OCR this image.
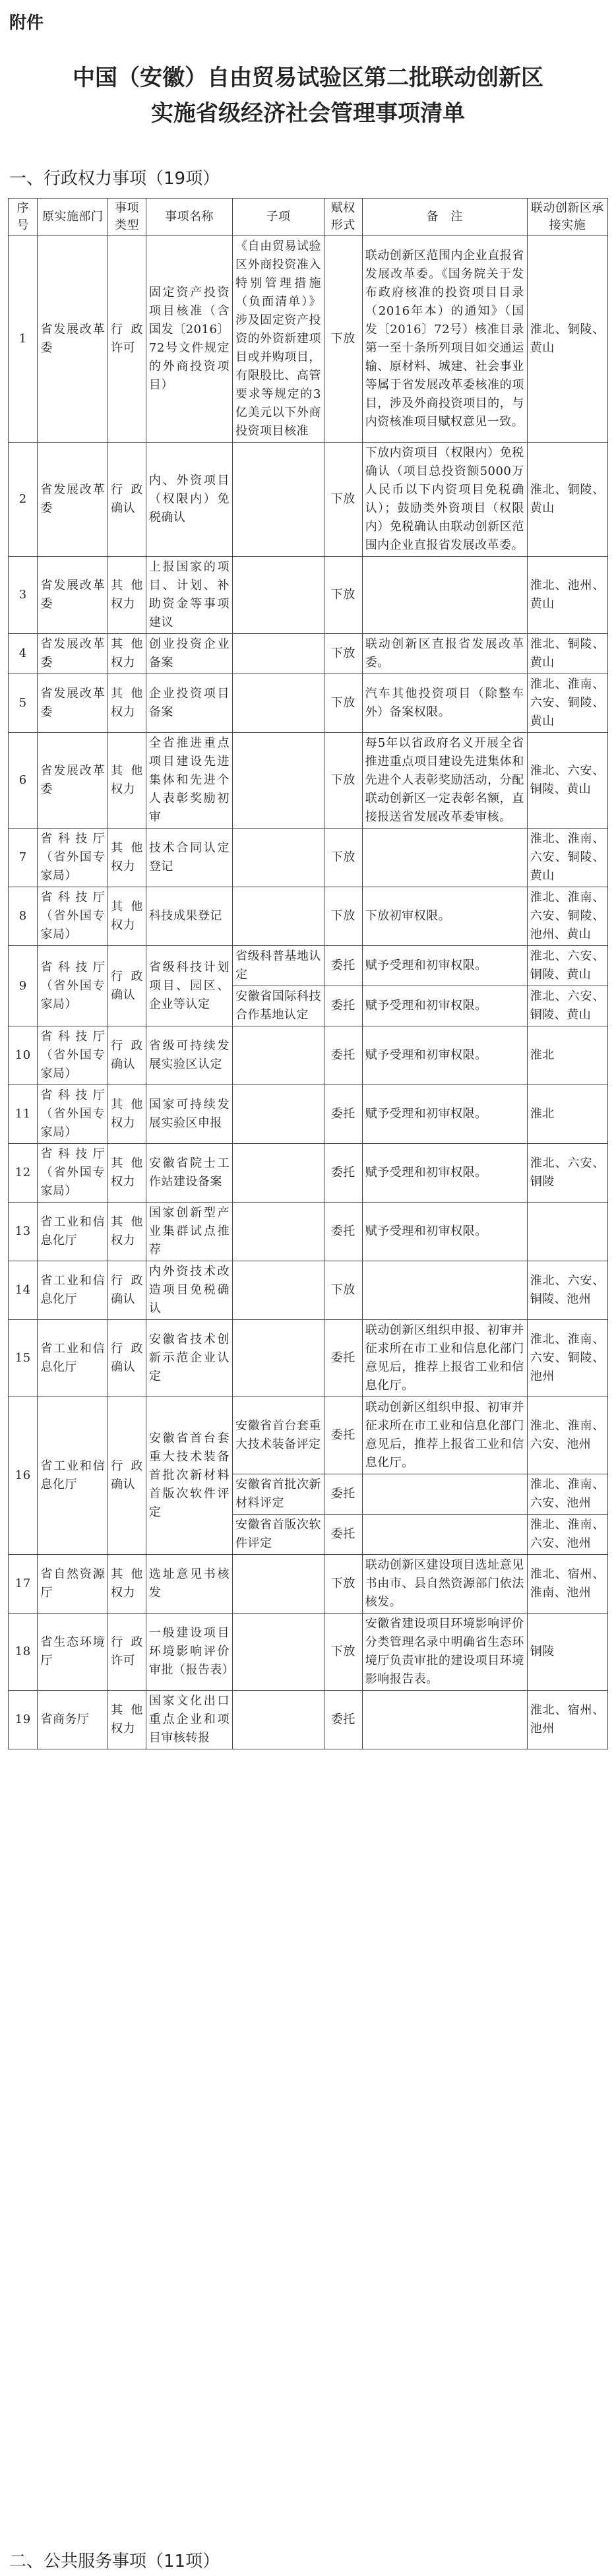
附件
中国（安徽）自由贸易试验区第二批联动创新区
实施省级经济社会管理事项清单
一、行政权力事项（19项）
序号	原实施部门	事项类型	事项名称	子项	赋权形式	备　注	联动创新区承接实施
1	省发展改革委	行政许可	固定资产投资项目核准（含国发〔2016〕72号文件规定的外商投资项目）	《自由贸易试验区外商投资准入特别管理措施（负面清单）》涉及固定资产投资的外资新建项目或并购项目，有限股比、高管要求等规定的3亿美元以下外商投资项目核准	下放	联动创新区范围内企业直报省发展改革委。《国务院关于发布政府核准的投资项目目录（2016年本）的通知》（国发〔2016〕72号）核准目录第一至十条所列项目如交通运输、原材料、城建、社会事业等属于省发展改革委核准的项目，涉及外商投资项目的，与内资核准项目赋权意见一致。	淮北、铜陵、黄山
2	省发展改革委	行政确认	内、外资项目（权限内）免税确认		下放	下放内资项目（权限内）免税确认（项目总投资额5000万人民币以下内资项目免税确认）；鼓励类外资项目（权限内）免税确认由联动创新区范围内企业直报省发展改革委。	淮北、铜陵、黄山
3	省发展改革委	其他权力	上报国家的项目、计划、补助资金等事项建议		下放		淮北、池州、黄山
4	省发展改革委	其他权力	创业投资企业备案		下放	联动创新区直报省发展改革委。	淮北、铜陵、黄山
5	省发展改革委	其他权力	企业投资项目备案		下放	汽车其他投资项目（除整车外）备案权限。	淮北、淮南、六安、铜陵、黄山
6	省发展改革委	其他权力	全省推进重点项目建设先进集体和先进个人表彰奖励初审		下放	每5年以省政府名义开展全省推进重点项目建设先进集体和先进个人表彰奖励活动，分配联动创新区一定表彰名额，直接报送省发展改革委审核。	淮北、六安、铜陵、黄山
7	省科技厅（省外国专家局）	其他权力	技术合同认定登记		下放		淮北、淮南、六安、铜陵、黄山
8	省科技厅（省外国专家局）	其他权力	科技成果登记		下放	下放初审权限。	淮北、淮南、六安、铜陵、池州、黄山
9	省科技厅（省外国专家局）	行政确认	省级科技计划项目、园区、企业等认定	省级科普基地认定	委托	赋予受理和初审权限。	淮北、六安、铜陵、黄山
				安徽省国际科技合作基地认定	委托	赋予受理和初审权限。	淮北、六安、铜陵、黄山
10	省科技厅（省外国专家局）	行政确认	省级可持续发展实验区认定		委托	赋予受理和初审权限。	淮北
11	省科技厅（省外国专家局）	其他权力	国家可持续发展实验区申报		委托	赋予受理和初审权限。	淮北
12	省科技厅（省外国专家局）	其他权力	安徽省院士工作站建设备案		委托	赋予受理和初审权限。	淮北、六安、铜陵
13	省工业和信息化厅	其他权力	国家创新型产业集群试点推荐		委托	赋予受理和初审权限。	
14	省工业和信息化厅	行政确认	内外资技术改造项目免税确认		下放		淮北、六安、铜陵、池州
15	省工业和信息化厅	行政确认	安徽省技术创新示范企业认定		委托	联动创新区组织申报、初审并征求所在市工业和信息化部门意见后，推荐上报省工业和信息化厅。	淮北、淮南、六安、铜陵、池州
16	省工业和信息化厅	行政确认	安徽省首台套重大技术装备首批次新材料首版次软件评定	安徽省首台套重大技术装备评定	委托	联动创新区组织申报、初审并征求所在市工业和信息化部门意见后，推荐上报省工业和信息化厅。	淮北、淮南、六安、池州
				安徽省首批次新材料评定	委托		淮北、淮南、六安、池州
				安徽省首版次软件评定	委托		淮北、淮南、六安、池州
17	省自然资源厅	其他权力	选址意见书核发		下放	联动创新区建设项目选址意见书由市、县自然资源部门依法核发。	淮北、宿州、淮南、池州
18	省生态环境厅	行政许可	一般建设项目环境影响评价审批（报告表）		下放	安徽省建设项目环境影响评价分类管理名录中明确省生态环境厅负责审批的建设项目环境影响报告表。	铜陵
19	省商务厅	其他权力	国家文化出口重点企业和项目审核转报		委托		淮北、宿州、池州
二、公共服务事项（11项）
